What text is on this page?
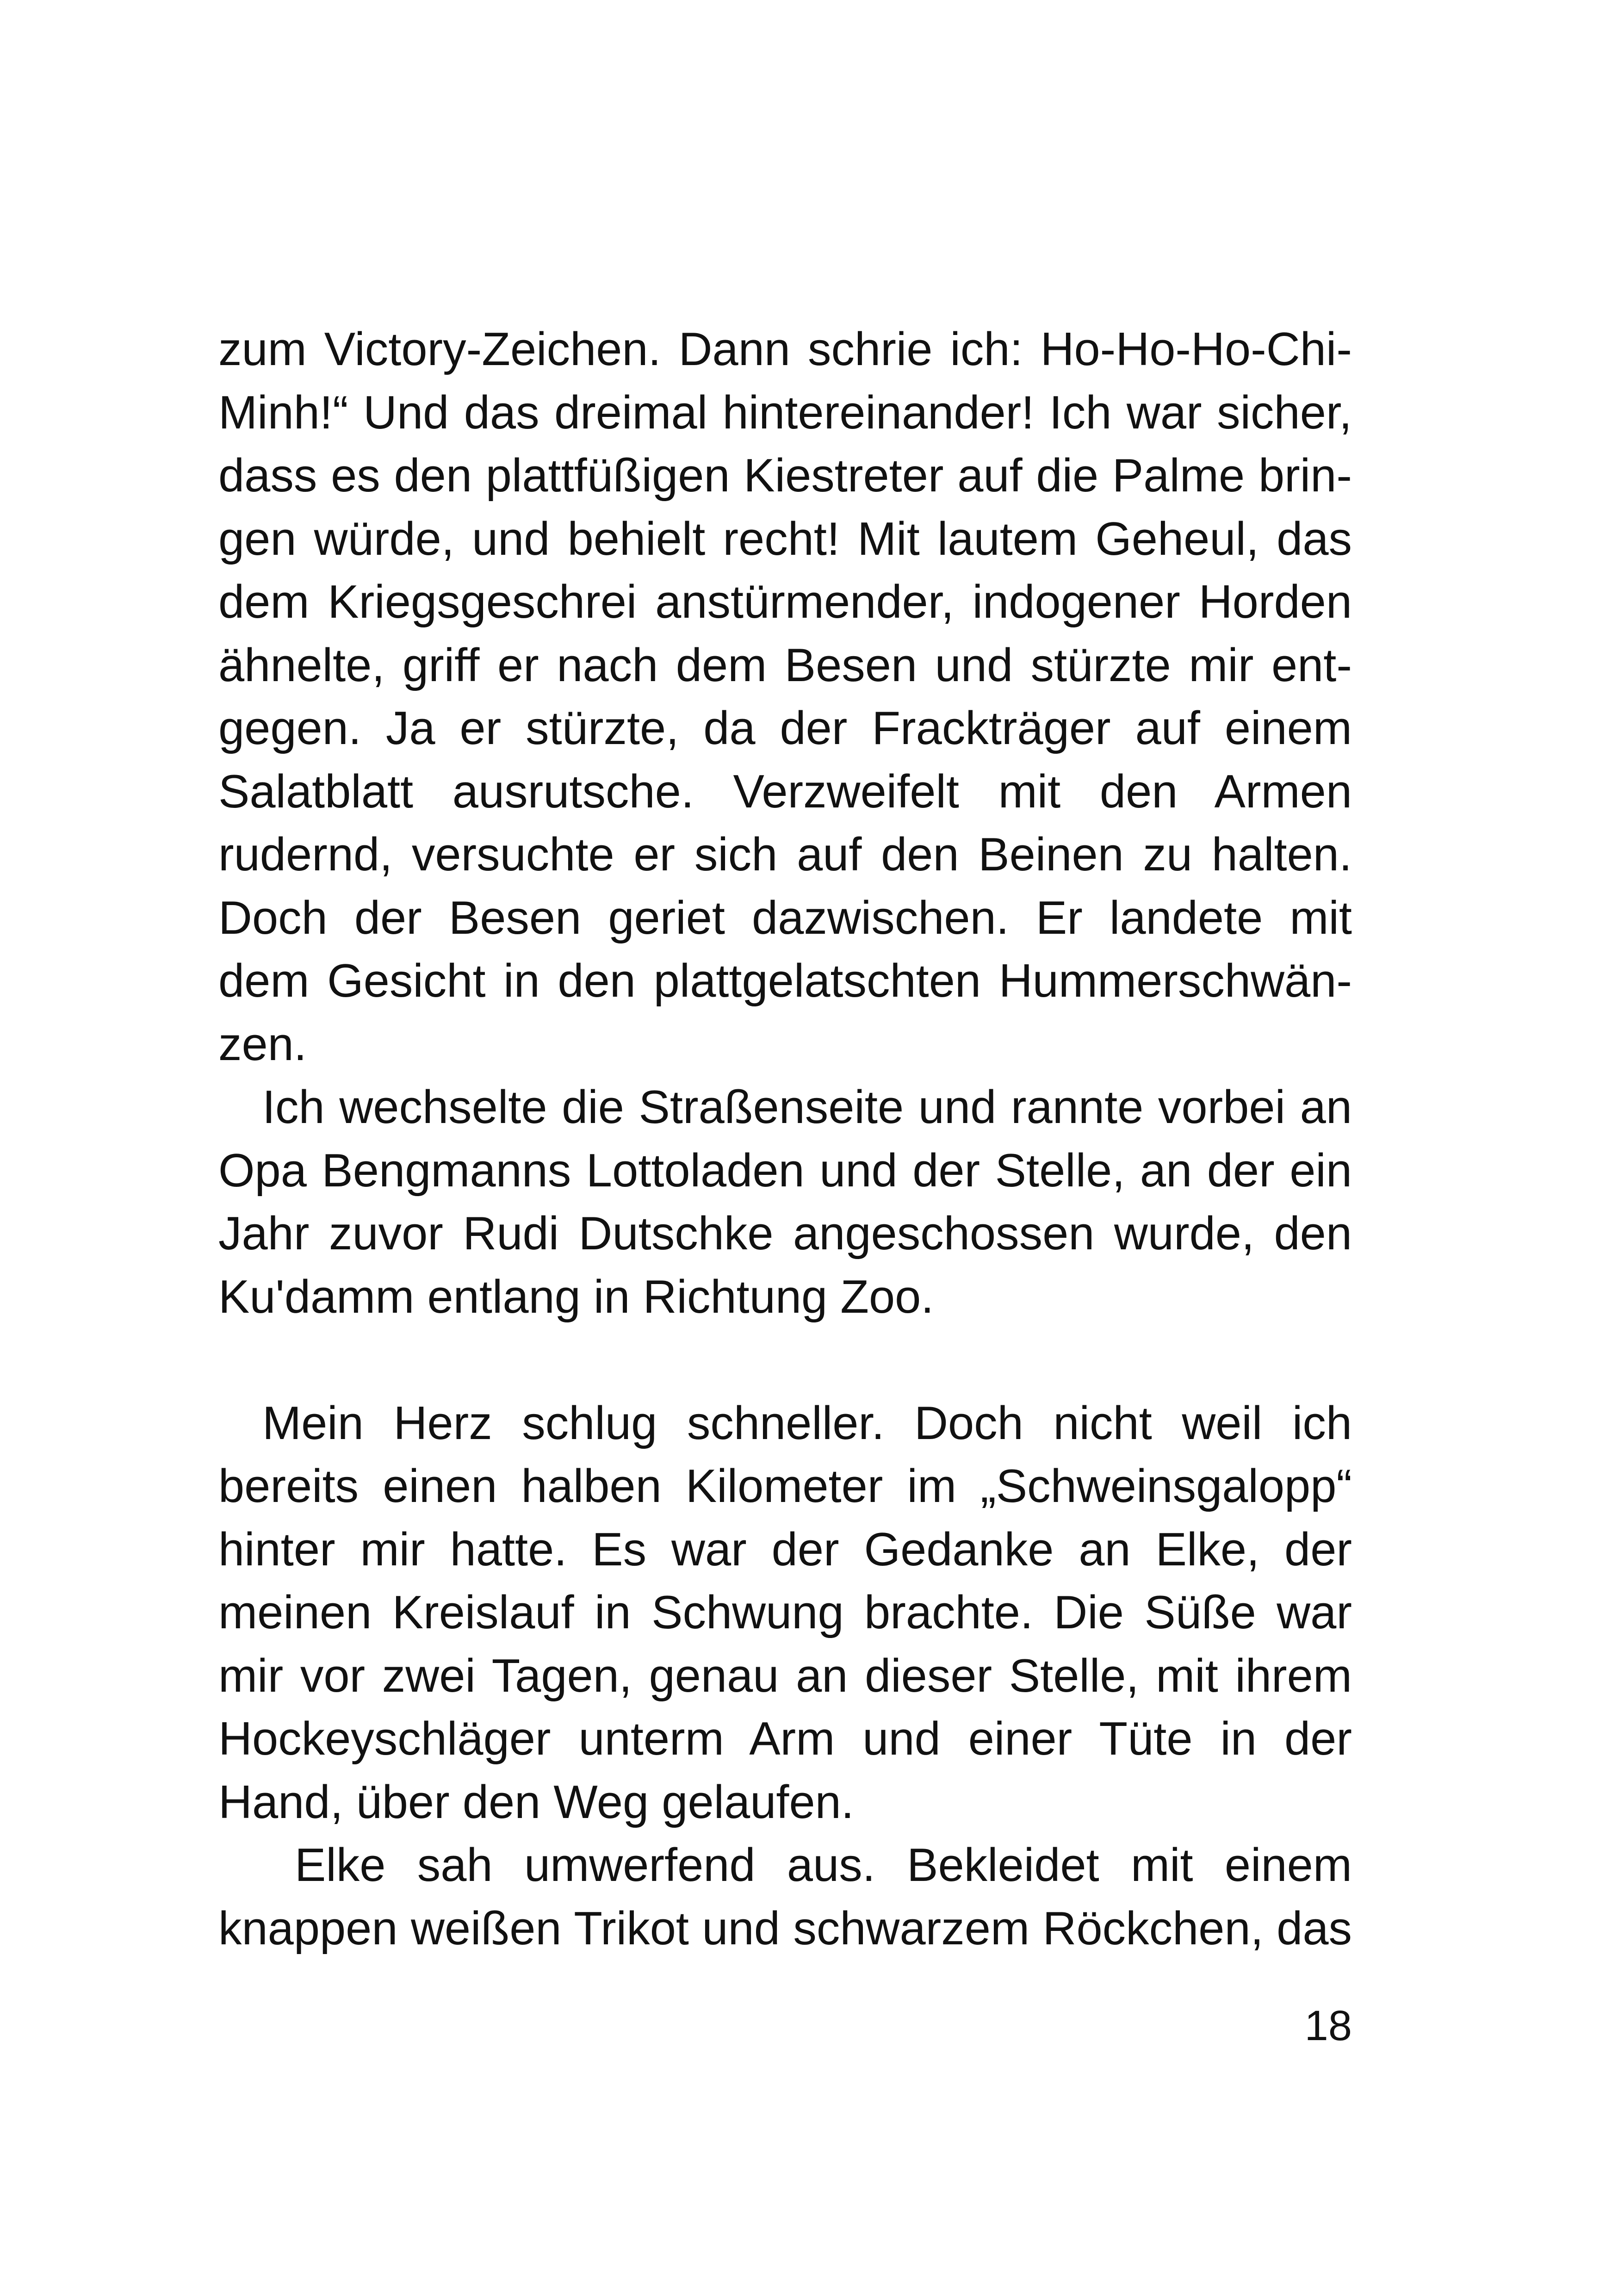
zum Victory-Zeichen. Dann schrie ich: Ho-Ho-Ho-Chi-
Minh!“ Und das dreimal hintereinander! Ich war sicher,
dass es den plattfüßigen Kiestreter auf die Palme brin-
gen würde, und behielt recht! Mit lautem Geheul, das
dem Kriegsgeschrei anstürmender, indogener Horden
ähnelte, griff er nach dem Besen und stürzte mir ent-
gegen. Ja er stürzte, da der Frackträger auf einem
Salatblatt ausrutsche. Verzweifelt mit den Armen
rudernd, versuchte er sich auf den Beinen zu halten.
Doch der Besen geriet dazwischen. Er landete mit
dem Gesicht in den plattgelatschten Hummerschwän-
zen.
Ich wechselte die Straßenseite und rannte vorbei an
Opa Bengmanns Lottoladen und der Stelle, an der ein
Jahr zuvor Rudi Dutschke angeschossen wurde, den
Ku'damm entlang in Richtung Zoo.
Mein Herz schlug schneller. Doch nicht weil ich
bereits einen halben Kilometer im „Schweinsgalopp“
hinter mir hatte. Es war der Gedanke an Elke, der
meinen Kreislauf in Schwung brachte. Die Süße war
mir vor zwei Tagen, genau an dieser Stelle, mit ihrem
Hockeyschläger unterm Arm und einer Tüte in der
Hand, über den Weg gelaufen.
Elke sah umwerfend aus. Bekleidet mit einem
knappen weißen Trikot und schwarzem Röckchen, das
18
